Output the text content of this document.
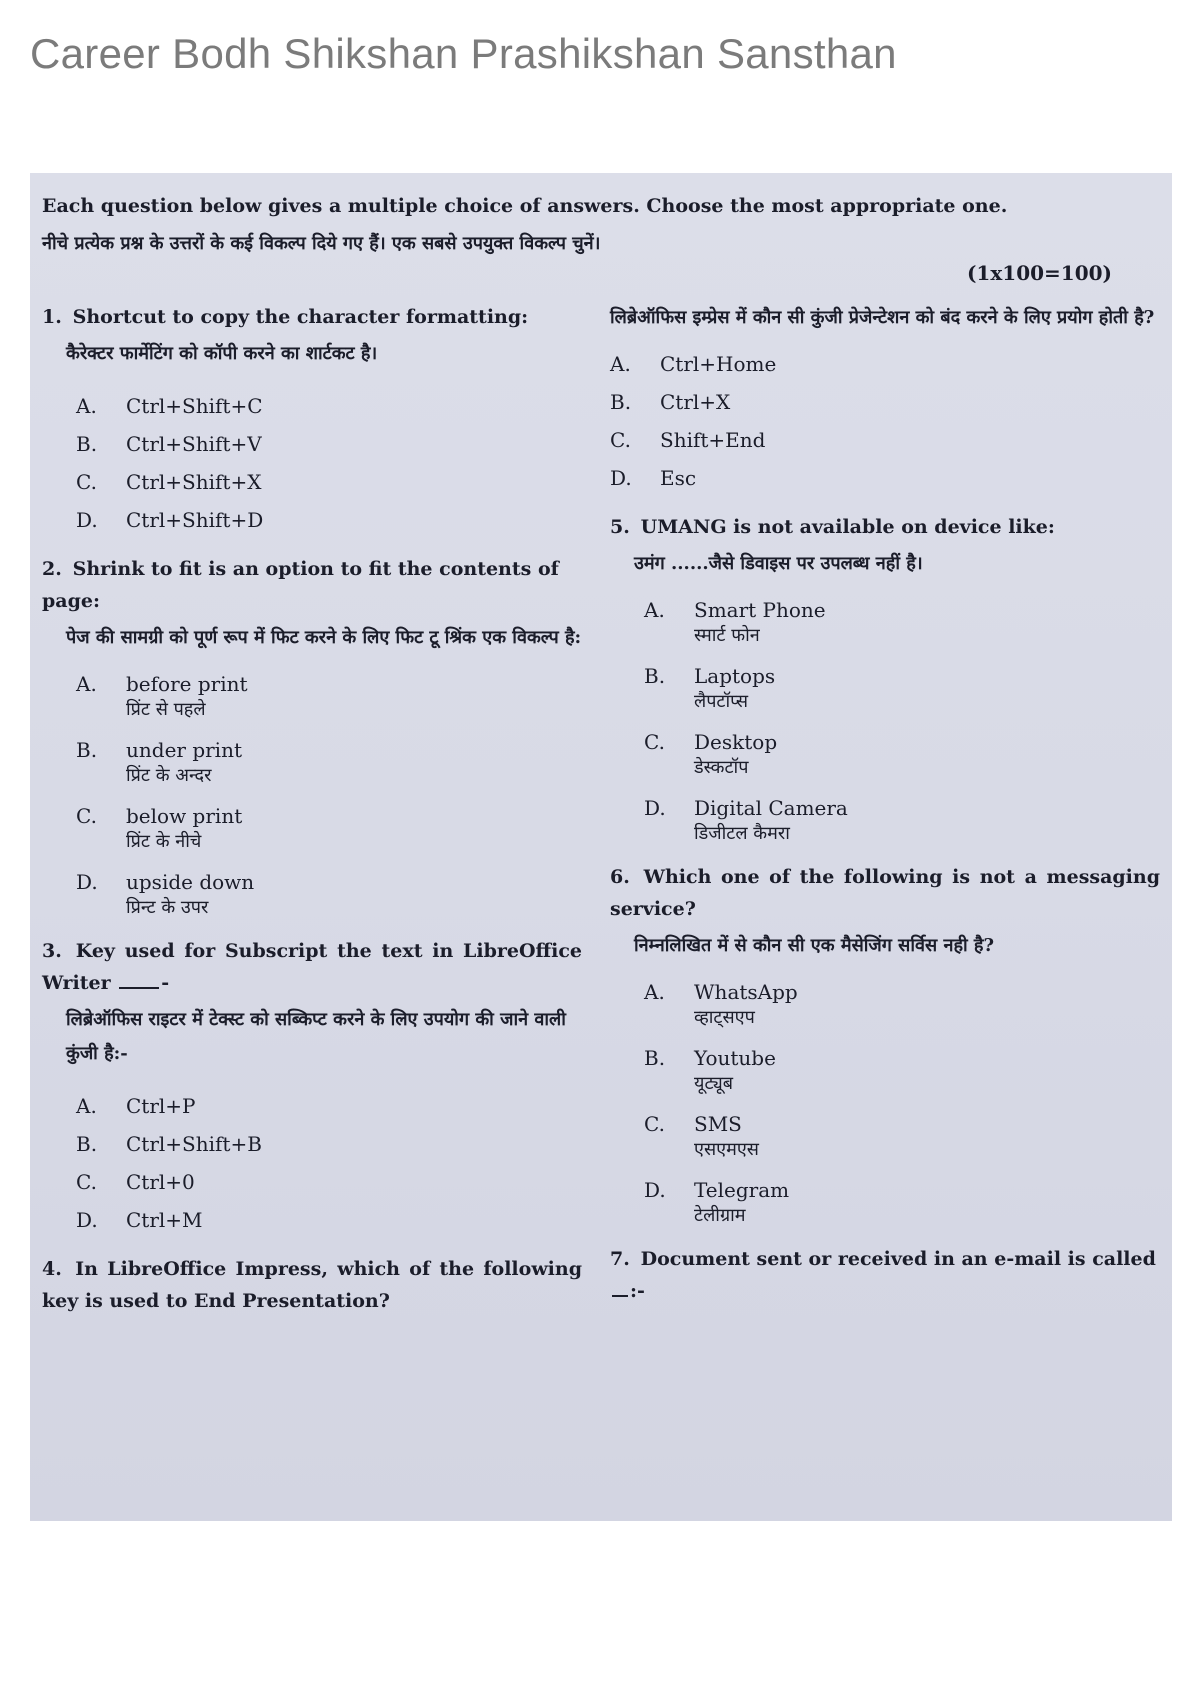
Career Bodh Shikshan Prashikshan Sansthan
Each question below gives a multiple choice of answers. Choose the most appropriate one.
नीचे प्रत्येक प्रश्न के उत्तरों के कई विकल्प दिये गए हैं। एक सबसे उपयुक्त विकल्प चुनें।
(1x100=100)
1. Shortcut to copy the character formatting:
कैरेक्टर फार्मेटिंग को कॉपी करने का शार्टकट है।
A.	Ctrl+Shift+C
B.	Ctrl+Shift+V
C.	Ctrl+Shift+X
D.	Ctrl+Shift+D
2. Shrink to fit is an option to fit the contents of page:
पेज की सामग्री को पूर्ण रूप में फिट करने के लिए फिट टू श्रिंक एक विकल्प है:
A.	before print
प्रिंट से पहले
B.	under print
प्रिंट के अन्दर
C.	below print
प्रिंट के नीचे
D.	upside down
प्रिन्ट के उपर
3. Key used for Subscript the text in LibreOffice Writer	-
लिब्रेऑफिस राइटर में टेक्स्ट को सब्किप्ट करने के लिए उपयोग की जाने वाली कुंजी है:-
A.	Ctrl+P
B.	Ctrl+Shift+B
C.	Ctrl+0
D.	Ctrl+M
4. In LibreOffice Impress, which of the following key is used to End Presentation?
लिब्रेऑफिस इम्प्रेस में कौन सी कुंजी प्रेजेन्टेशन को बंद करने के लिए प्रयोग होती है?
A.	Ctrl+Home
B.	Ctrl+X
C.	Shift+End
D.	Esc
5. UMANG is not available on device like:
उमंग ......जैसे डिवाइस पर उपलब्ध नहीं है।
A.	Smart Phone
स्मार्ट फोन
B.	Laptops
लैपटॉप्स
C.	Desktop
डेस्कटॉप
D.	Digital Camera
डिजीटल कैमरा
6. Which one of the following is not a messaging service?
निम्नलिखित में से कौन सी एक मैसेजिंग सर्विस नही है?
A.	WhatsApp
व्हाट्सएप
B.	Youtube
यूट्यूब
C.	SMS
एसएमएस
D.	Telegram
टेलीग्राम
7. Document sent or received in an e-mail is called:-
